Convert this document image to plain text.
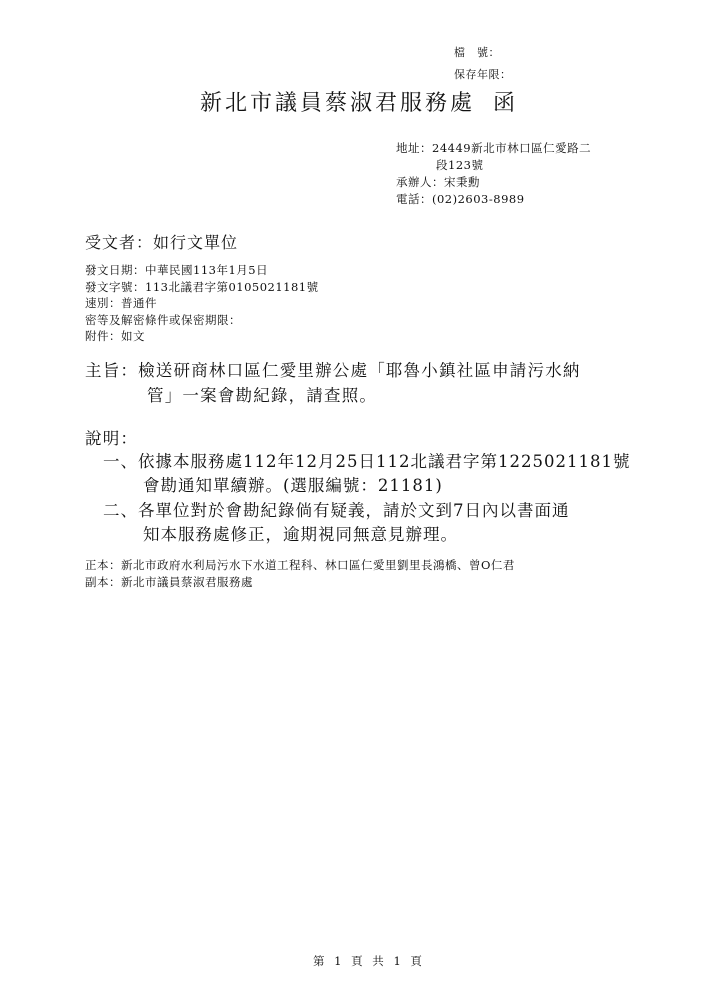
檔　號：
保存年限：
新北市議員蔡淑君服務處 函
地址：24449新北市林口區仁愛路二
段123號
承辦人：宋秉勳
電話：(02)2603-8989
受文者：如行文單位
發文日期：中華民國113年1月5日
發文字號：113北議君字第0105021181號
速別：普通件
密等及解密條件或保密期限：
附件：如文
主旨：檢送研商林口區仁愛里辦公處「耶魯小鎮社區申請污水納
管」一案會勘紀錄，請查照。
說明：
一、依據本服務處112年12月25日112北議君字第1225021181號
會勘通知單續辦。(選服編號：21181)
二、各單位對於會勘紀錄倘有疑義，請於文到7日內以書面通
知本服務處修正，逾期視同無意見辦理。
正本：新北市政府水利局污水下水道工程科、林口區仁愛里劉里長鴻橋、曾O仁君
副本：新北市議員蔡淑君服務處
第 1 頁 共 1 頁
